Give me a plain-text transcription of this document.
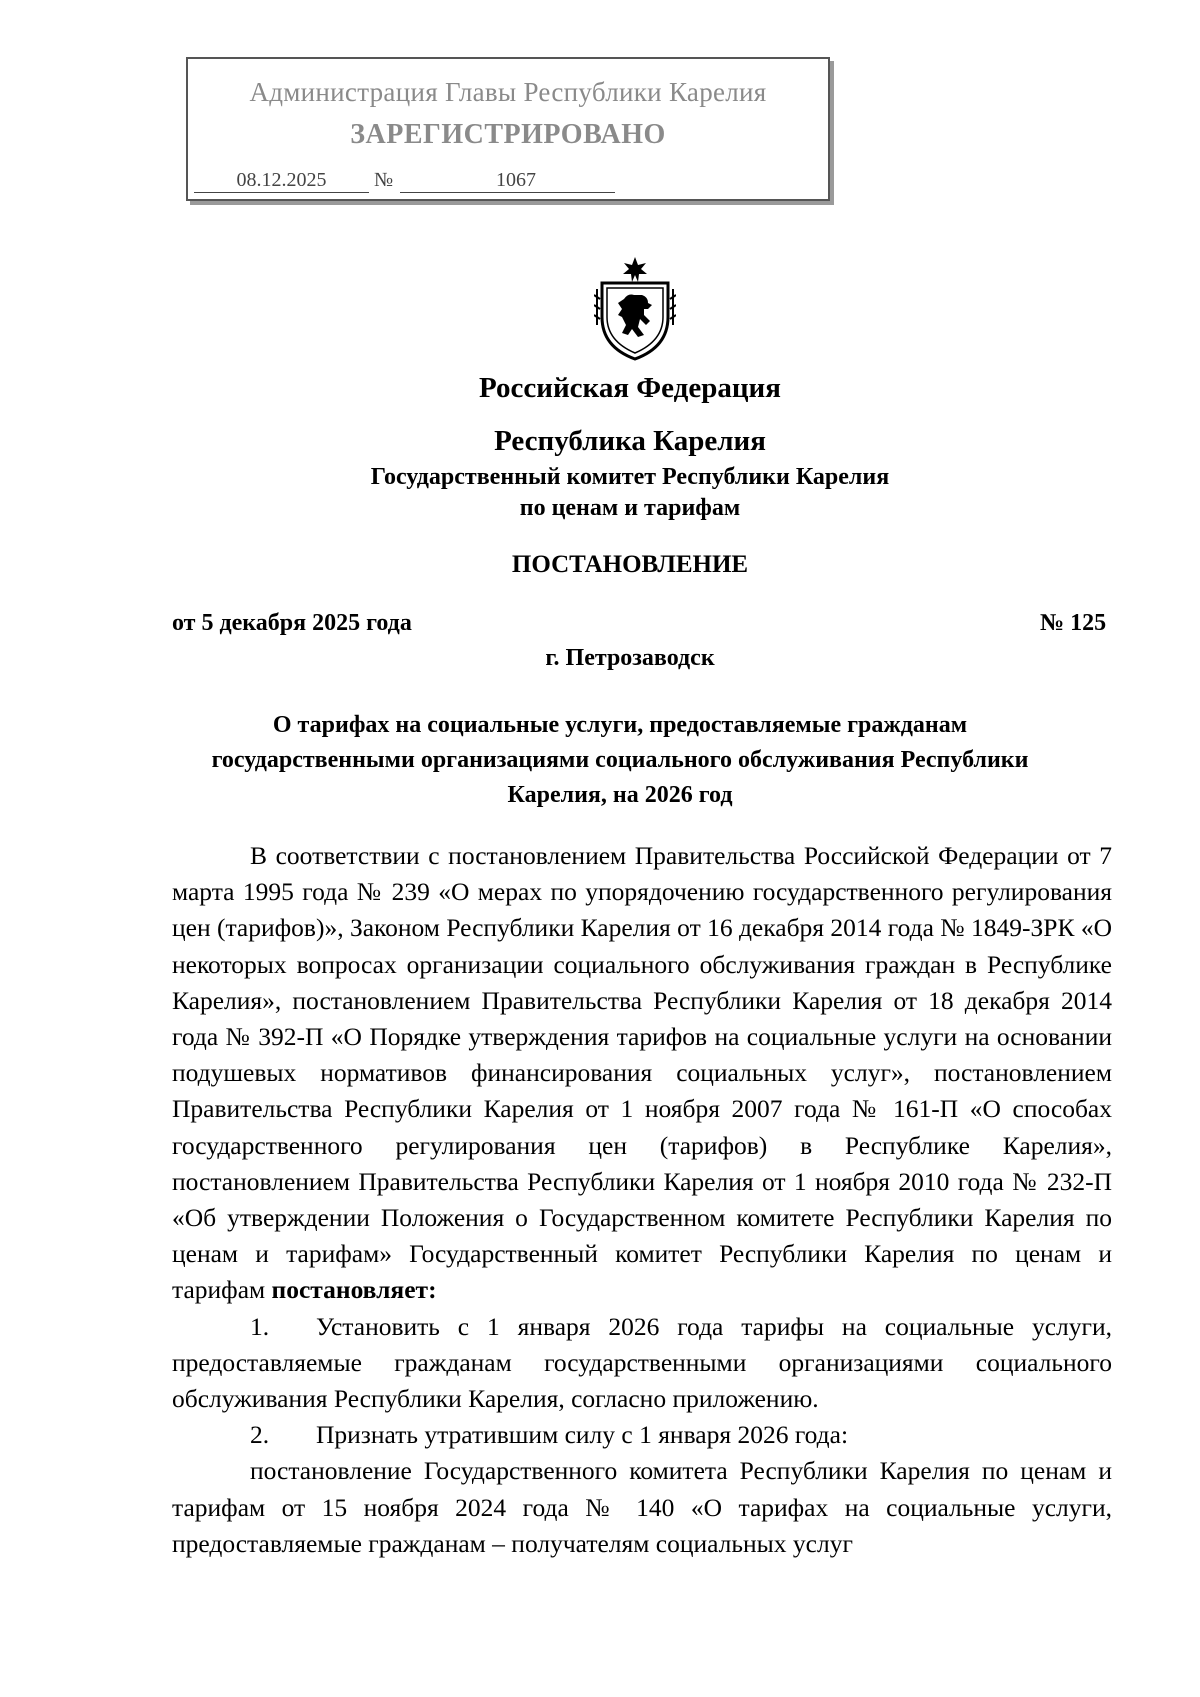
Администрация Главы Республики Карелия
ЗАРЕГИСТРИРОВАНО
08.12.2025	№	1067
Российская Федерация
Республика Карелия
Государственный комитет Республики Карелия
по ценам и тарифам
ПОСТАНОВЛЕНИЕ
от 5 декабря 2025 года	№ 125
г. Петрозаводск
О тарифах на социальные услуги, предоставляемые гражданам
государственными организациями социального обслуживания Республики
Карелия, на 2026 год

В соответствии с постановлением Правительства Российской Федерации от 7 марта 1995 года № 239 «О мерах по упорядочению государственного регулирования цен (тарифов)», Законом Республики Карелия от 16 декабря 2014 года № 1849-ЗРК «О некоторых вопросах организации социального обслуживания граждан в Республике Карелия», постановлением Правительства Республики Карелия от 18 декабря 2014 года № 392-П «О Порядке утверждения тарифов на социальные услуги на основании подушевых нормативов финансирования социальных услуг», постановлением Правительства Республики Карелия от 1 ноября 2007 года № 161-П «О способах государственного регулирования цен (тарифов) в Республике Карелия», постановлением Правительства Республики Карелия от 1 ноября 2010 года № 232-П «Об утверждении Положения о Государственном комитете Республики Карелия по ценам и тарифам» Государственный комитет Республики Карелия по ценам и тарифам постановляет:

1. Установить с 1 января 2026 года тарифы на социальные услуги, предоставляемые гражданам государственными организациями социального обслуживания Республики Карелия, согласно приложению.

2. Признать утратившим силу с 1 января 2026 года:

постановление Государственного комитета Республики Карелия по ценам и тарифам от 15 ноября 2024 года № 140 «О тарифах на социальные услуги, предоставляемые гражданам – получателям социальных услуг
